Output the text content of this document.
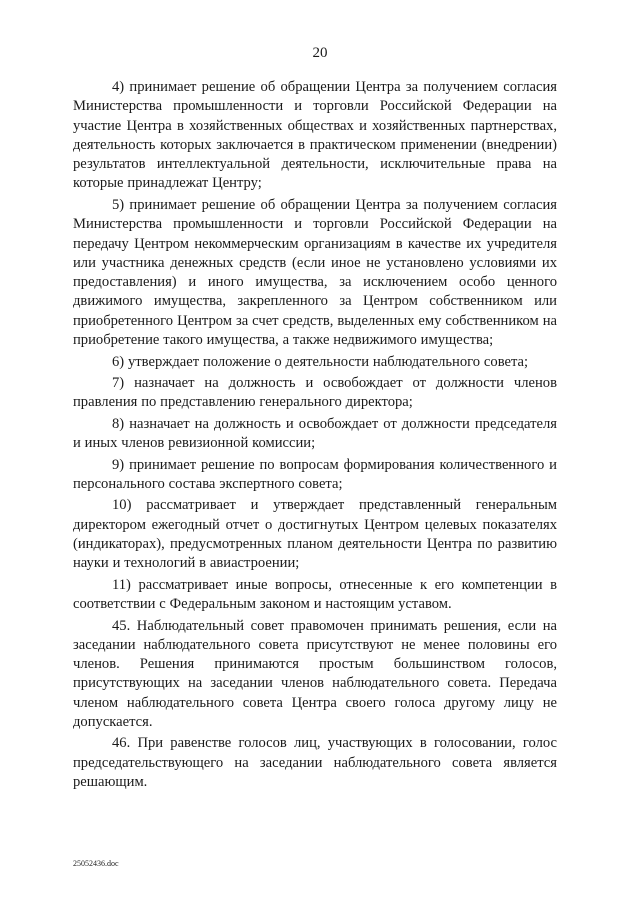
20

4) принимает решение об обращении Центра за получением согласия Министерства промышленности и торговли Российской Федерации на участие Центра в хозяйственных обществах и хозяйственных партнерствах, деятельность которых заключается в практическом применении (внедрении) результатов интеллектуальной деятельности, исключительные права на которые принадлежат Центру;

5) принимает решение об обращении Центра за получением согласия Министерства промышленности и торговли Российской Федерации на передачу Центром некоммерческим организациям в качестве их учредителя или участника денежных средств (если иное не установлено условиями их предоставления) и иного имущества, за исключением особо ценного движимого имущества, закрепленного за Центром собственником или приобретенного Центром за счет средств, выделенных ему собственником на приобретение такого имущества, а также недвижимого имущества;

6) утверждает положение о деятельности наблюдательного совета;

7) назначает на должность и освобождает от должности членов правления по представлению генерального директора;

8) назначает на должность и освобождает от должности председателя и иных членов ревизионной комиссии;

9) принимает решение по вопросам формирования количественного и персонального состава экспертного совета;

10) рассматривает и утверждает представленный генеральным директором ежегодный отчет о достигнутых Центром целевых показателях (индикаторах), предусмотренных планом деятельности Центра по развитию науки и технологий в авиастроении;

11) рассматривает иные вопросы, отнесенные к его компетенции в соответствии с Федеральным законом и настоящим уставом.

45. Наблюдательный совет правомочен принимать решения, если на заседании наблюдательного совета присутствуют не менее половины его членов. Решения принимаются простым большинством голосов, присутствующих на заседании членов наблюдательного совета. Передача членом наблюдательного совета Центра своего голоса другому лицу не допускается.

46. При равенстве голосов лиц, участвующих в голосовании, голос председательствующего на заседании наблюдательного совета является решающим.

25052436.doc
